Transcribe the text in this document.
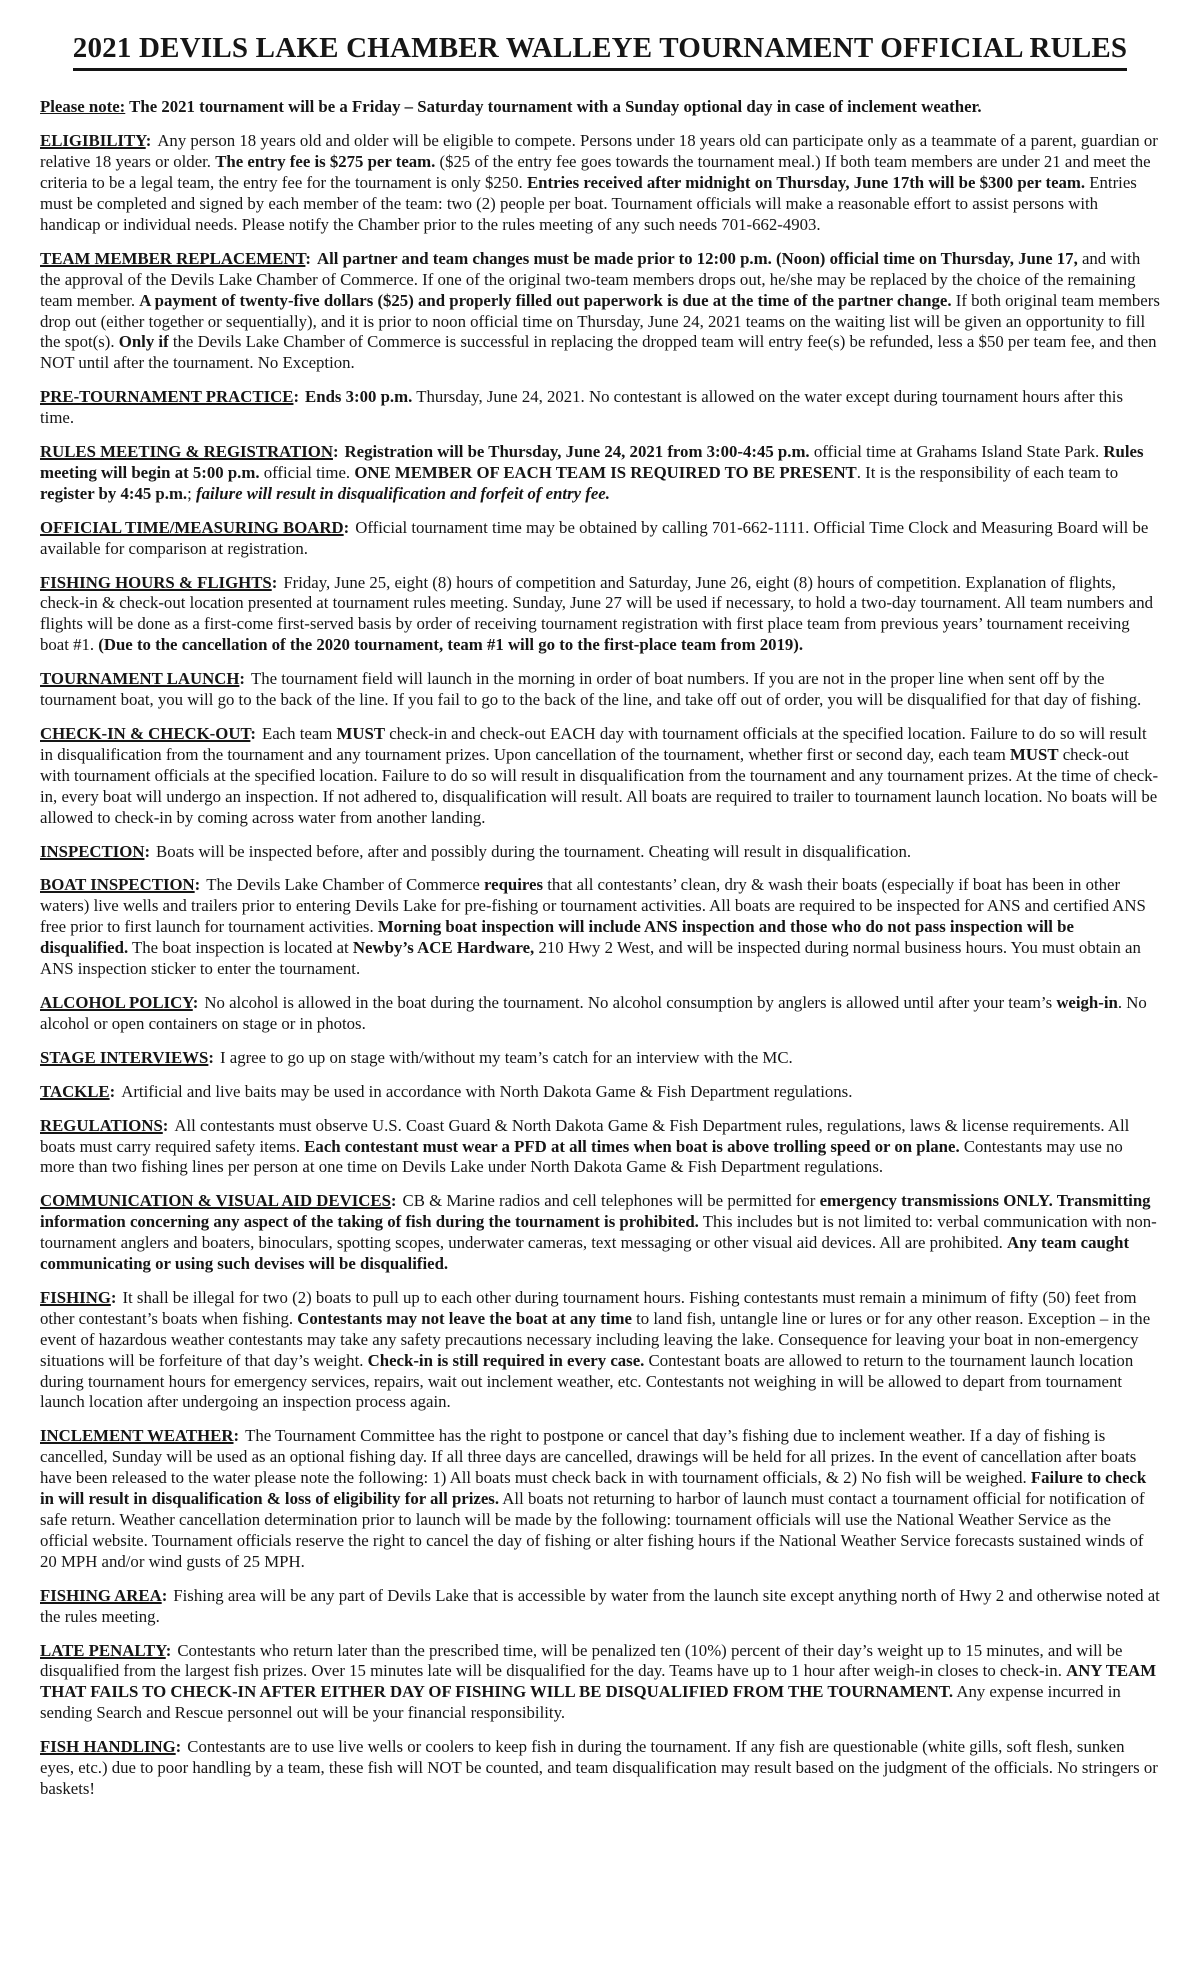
2021 DEVILS LAKE CHAMBER WALLEYE TOURNAMENT OFFICIAL RULES

Please note: The 2021 tournament will be a Friday – Saturday tournament with a Sunday optional day in case of inclement weather.

ELIGIBILITY: Any person 18 years old and older will be eligible to compete. Persons under 18 years old can participate only as a teammate of a parent, guardian or relative 18 years or older. The entry fee is $275 per team. ($25 of the entry fee goes towards the tournament meal.) If both team members are under 21 and meet the criteria to be a legal team, the entry fee for the tournament is only $250. Entries received after midnight on Thursday, June 17th will be $300 per team. Entries must be completed and signed by each member of the team: two (2) people per boat. Tournament officials will make a reasonable effort to assist persons with handicap or individual needs. Please notify the Chamber prior to the rules meeting of any such needs 701-662-4903.

TEAM MEMBER REPLACEMENT: All partner and team changes must be made prior to 12:00 p.m. (Noon) official time on Thursday, June 17, and with the approval of the Devils Lake Chamber of Commerce. If one of the original two-team members drops out, he/she may be replaced by the choice of the remaining team member. A payment of twenty-five dollars ($25) and properly filled out paperwork is due at the time of the partner change. If both original team members drop out (either together or sequentially), and it is prior to noon official time on Thursday, June 24, 2021 teams on the waiting list will be given an opportunity to fill the spot(s). Only if the Devils Lake Chamber of Commerce is successful in replacing the dropped team will entry fee(s) be refunded, less a $50 per team fee, and then NOT until after the tournament. No Exception.

PRE-TOURNAMENT PRACTICE: Ends 3:00 p.m. Thursday, June 24, 2021. No contestant is allowed on the water except during tournament hours after this time.

RULES MEETING & REGISTRATION: Registration will be Thursday, June 24, 2021 from 3:00-4:45 p.m. official time at Grahams Island State Park. Rules meeting will begin at 5:00 p.m. official time. ONE MEMBER OF EACH TEAM IS REQUIRED TO BE PRESENT. It is the responsibility of each team to register by 4:45 p.m.; failure will result in disqualification and forfeit of entry fee.

OFFICIAL TIME/MEASURING BOARD: Official tournament time may be obtained by calling 701-662-1111. Official Time Clock and Measuring Board will be available for comparison at registration.

FISHING HOURS & FLIGHTS: Friday, June 25, eight (8) hours of competition and Saturday, June 26, eight (8) hours of competition. Explanation of flights, check-in & check-out location presented at tournament rules meeting. Sunday, June 27 will be used if necessary, to hold a two-day tournament. All team numbers and flights will be done as a first-come first-served basis by order of receiving tournament registration with first place team from previous years’ tournament receiving boat #1. (Due to the cancellation of the 2020 tournament, team #1 will go to the first-place team from 2019).

TOURNAMENT LAUNCH: The tournament field will launch in the morning in order of boat numbers. If you are not in the proper line when sent off by the tournament boat, you will go to the back of the line. If you fail to go to the back of the line, and take off out of order, you will be disqualified for that day of fishing.

CHECK-IN & CHECK-OUT: Each team MUST check-in and check-out EACH day with tournament officials at the specified location. Failure to do so will result in disqualification from the tournament and any tournament prizes. Upon cancellation of the tournament, whether first or second day, each team MUST check-out with tournament officials at the specified location. Failure to do so will result in disqualification from the tournament and any tournament prizes. At the time of check-in, every boat will undergo an inspection. If not adhered to, disqualification will result. All boats are required to trailer to tournament launch location. No boats will be allowed to check-in by coming across water from another landing.

INSPECTION: Boats will be inspected before, after and possibly during the tournament. Cheating will result in disqualification.

BOAT INSPECTION: The Devils Lake Chamber of Commerce requires that all contestants’ clean, dry & wash their boats (especially if boat has been in other waters) live wells and trailers prior to entering Devils Lake for pre-fishing or tournament activities. All boats are required to be inspected for ANS and certified ANS free prior to first launch for tournament activities. Morning boat inspection will include ANS inspection and those who do not pass inspection will be disqualified. The boat inspection is located at Newby’s ACE Hardware, 210 Hwy 2 West, and will be inspected during normal business hours. You must obtain an ANS inspection sticker to enter the tournament.

ALCOHOL POLICY: No alcohol is allowed in the boat during the tournament. No alcohol consumption by anglers is allowed until after your team’s weigh-in. No alcohol or open containers on stage or in photos.

STAGE INTERVIEWS: I agree to go up on stage with/without my team’s catch for an interview with the MC.

TACKLE: Artificial and live baits may be used in accordance with North Dakota Game & Fish Department regulations.

REGULATIONS: All contestants must observe U.S. Coast Guard & North Dakota Game & Fish Department rules, regulations, laws & license requirements. All boats must carry required safety items. Each contestant must wear a PFD at all times when boat is above trolling speed or on plane. Contestants may use no more than two fishing lines per person at one time on Devils Lake under North Dakota Game & Fish Department regulations.

COMMUNICATION & VISUAL AID DEVICES: CB & Marine radios and cell telephones will be permitted for emergency transmissions ONLY. Transmitting information concerning any aspect of the taking of fish during the tournament is prohibited. This includes but is not limited to: verbal communication with non-tournament anglers and boaters, binoculars, spotting scopes, underwater cameras, text messaging or other visual aid devices. All are prohibited. Any team caught communicating or using such devises will be disqualified.

FISHING: It shall be illegal for two (2) boats to pull up to each other during tournament hours. Fishing contestants must remain a minimum of fifty (50) feet from other contestant’s boats when fishing. Contestants may not leave the boat at any time to land fish, untangle line or lures or for any other reason. Exception – in the event of hazardous weather contestants may take any safety precautions necessary including leaving the lake. Consequence for leaving your boat in non-emergency situations will be forfeiture of that day’s weight. Check-in is still required in every case. Contestant boats are allowed to return to the tournament launch location during tournament hours for emergency services, repairs, wait out inclement weather, etc. Contestants not weighing in will be allowed to depart from tournament launch location after undergoing an inspection process again.

INCLEMENT WEATHER: The Tournament Committee has the right to postpone or cancel that day’s fishing due to inclement weather. If a day of fishing is cancelled, Sunday will be used as an optional fishing day. If all three days are cancelled, drawings will be held for all prizes. In the event of cancellation after boats have been released to the water please note the following: 1) All boats must check back in with tournament officials, & 2) No fish will be weighed. Failure to check in will result in disqualification & loss of eligibility for all prizes. All boats not returning to harbor of launch must contact a tournament official for notification of safe return. Weather cancellation determination prior to launch will be made by the following: tournament officials will use the National Weather Service as the official website. Tournament officials reserve the right to cancel the day of fishing or alter fishing hours if the National Weather Service forecasts sustained winds of 20 MPH and/or wind gusts of 25 MPH.

FISHING AREA: Fishing area will be any part of Devils Lake that is accessible by water from the launch site except anything north of Hwy 2 and otherwise noted at the rules meeting.

LATE PENALTY: Contestants who return later than the prescribed time, will be penalized ten (10%) percent of their day’s weight up to 15 minutes, and will be disqualified from the largest fish prizes. Over 15 minutes late will be disqualified for the day. Teams have up to 1 hour after weigh-in closes to check-in. ANY TEAM THAT FAILS TO CHECK-IN AFTER EITHER DAY OF FISHING WILL BE DISQUALIFIED FROM THE TOURNAMENT. Any expense incurred in sending Search and Rescue personnel out will be your financial responsibility.

FISH HANDLING: Contestants are to use live wells or coolers to keep fish in during the tournament. If any fish are questionable (white gills, soft flesh, sunken eyes, etc.) due to poor handling by a team, these fish will NOT be counted, and team disqualification may result based on the judgment of the officials. No stringers or baskets!
